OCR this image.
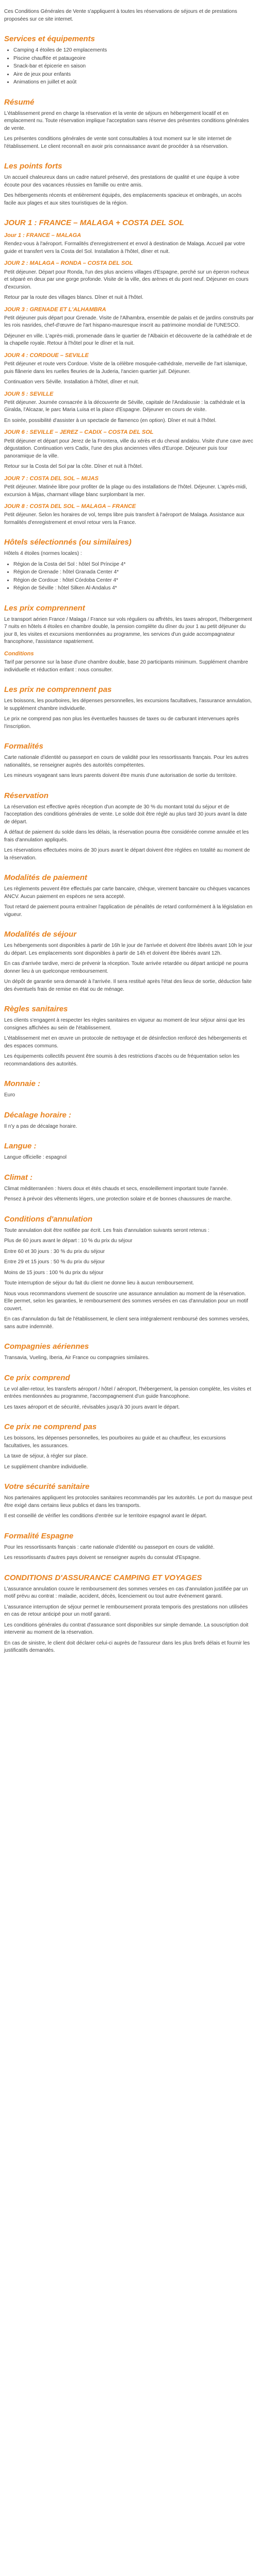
Ces Conditions Générales de Vente s'appliquent à toutes les réservations de séjours et de prestations proposées sur ce site internet.

Services et équipements
• Camping 4 étoiles de 120 emplacements
• Piscine chauffée et pataugeoire
• Snack-bar et épicerie en saison
• Aire de jeux pour enfants
• Animations en juillet et août
Résumé

L'établissement prend en charge la réservation et la vente de séjours en hébergement locatif et en emplacement nu. Toute réservation implique l'acceptation sans réserve des présentes conditions générales de vente.

Les présentes conditions générales de vente sont consultables à tout moment sur le site internet de l'établissement. Le client reconnaît en avoir pris connaissance avant de procéder à sa réservation.

Les points forts

Un accueil chaleureux dans un cadre naturel préservé, des prestations de qualité et une équipe à votre écoute pour des vacances réussies en famille ou entre amis.

Des hébergements récents et entièrement équipés, des emplacements spacieux et ombragés, un accès facile aux plages et aux sites touristiques de la région.

JOUR 1 : FRANCE – MALAGA + COSTA DEL SOL
Jour 1 : FRANCE – MALAGA

Rendez-vous à l'aéroport. Formalités d'enregistrement et envol à destination de Malaga. Accueil par votre guide et transfert vers la Costa del Sol. Installation à l'hôtel, dîner et nuit.

JOUR 2 : MALAGA – RONDA – COSTA DEL SOL

Petit déjeuner. Départ pour Ronda, l'un des plus anciens villages d'Espagne, perché sur un éperon rocheux et séparé en deux par une gorge profonde. Visite de la ville, des arènes et du pont neuf. Déjeuner en cours d'excursion.

Retour par la route des villages blancs. Dîner et nuit à l'hôtel.

JOUR 3 : GRENADE ET L'ALHAMBRA

Petit déjeuner puis départ pour Grenade. Visite de l'Alhambra, ensemble de palais et de jardins construits par les rois nasrides, chef-d'œuvre de l'art hispano-mauresque inscrit au patrimoine mondial de l'UNESCO.

Déjeuner en ville. L'après-midi, promenade dans le quartier de l'Albaicin et découverte de la cathédrale et de la chapelle royale. Retour à l'hôtel pour le dîner et la nuit.

JOUR 4 : CORDOUE – SEVILLE

Petit déjeuner et route vers Cordoue. Visite de la célèbre mosquée-cathédrale, merveille de l'art islamique, puis flânerie dans les ruelles fleuries de la Juderia, l'ancien quartier juif. Déjeuner.

Continuation vers Séville. Installation à l'hôtel, dîner et nuit.

JOUR 5 : SEVILLE

Petit déjeuner. Journée consacrée à la découverte de Séville, capitale de l'Andalousie : la cathédrale et la Giralda, l'Alcazar, le parc Maria Luisa et la place d'Espagne. Déjeuner en cours de visite.

En soirée, possibilité d'assister à un spectacle de flamenco (en option). Dîner et nuit à l'hôtel.

JOUR 6 : SEVILLE – JEREZ – CADIX – COSTA DEL SOL

Petit déjeuner et départ pour Jerez de la Frontera, ville du xérès et du cheval andalou. Visite d'une cave avec dégustation. Continuation vers Cadix, l'une des plus anciennes villes d'Europe. Déjeuner puis tour panoramique de la ville.

Retour sur la Costa del Sol par la côte. Dîner et nuit à l'hôtel.

JOUR 7 : COSTA DEL SOL – MIJAS

Petit déjeuner. Matinée libre pour profiter de la plage ou des installations de l'hôtel. Déjeuner. L'après-midi, excursion à Mijas, charmant village blanc surplombant la mer.

JOUR 8 : COSTA DEL SOL – MALAGA – FRANCE

Petit déjeuner. Selon les horaires de vol, temps libre puis transfert à l'aéroport de Malaga. Assistance aux formalités d'enregistrement et envol retour vers la France.

Hôtels sélectionnés (ou similaires)

Hôtels 4 étoiles (normes locales) :

• Région de la Costa del Sol : hôtel Sol Príncipe 4*
• Région de Grenade : hôtel Granada Center 4*
• Région de Cordoue : hôtel Córdoba Center 4*
• Région de Séville : hôtel Silken Al-Andalus 4*
Les prix comprennent

Le transport aérien France / Malaga / France sur vols réguliers ou affrétés, les taxes aéroport, l'hébergement 7 nuits en hôtels 4 étoiles en chambre double, la pension complète du dîner du jour 1 au petit déjeuner du jour 8, les visites et excursions mentionnées au programme, les services d'un guide accompagnateur francophone, l'assistance rapatriement.

Conditions

Tarif par personne sur la base d'une chambre double, base 20 participants minimum. Supplément chambre individuelle et réduction enfant : nous consulter.

Les prix ne comprennent pas

Les boissons, les pourboires, les dépenses personnelles, les excursions facultatives, l'assurance annulation, le supplément chambre individuelle.

Le prix ne comprend pas non plus les éventuelles hausses de taxes ou de carburant intervenues après l'inscription.

Formalités

Carte nationale d'identité ou passeport en cours de validité pour les ressortissants français. Pour les autres nationalités, se renseigner auprès des autorités compétentes.

Les mineurs voyageant sans leurs parents doivent être munis d'une autorisation de sortie du territoire.

Réservation

La réservation est effective après réception d'un acompte de 30 % du montant total du séjour et de l'acceptation des conditions générales de vente. Le solde doit être réglé au plus tard 30 jours avant la date de départ.

À défaut de paiement du solde dans les délais, la réservation pourra être considérée comme annulée et les frais d'annulation appliqués.

Les réservations effectuées moins de 30 jours avant le départ doivent être réglées en totalité au moment de la réservation.

Modalités de paiement

Les règlements peuvent être effectués par carte bancaire, chèque, virement bancaire ou chèques vacances ANCV. Aucun paiement en espèces ne sera accepté.

Tout retard de paiement pourra entraîner l'application de pénalités de retard conformément à la législation en vigueur.

Modalités de séjour

Les hébergements sont disponibles à partir de 16h le jour de l'arrivée et doivent être libérés avant 10h le jour du départ. Les emplacements sont disponibles à partir de 14h et doivent être libérés avant 12h.

En cas d'arrivée tardive, merci de prévenir la réception. Toute arrivée retardée ou départ anticipé ne pourra donner lieu à un quelconque remboursement.

Un dépôt de garantie sera demandé à l'arrivée. Il sera restitué après l'état des lieux de sortie, déduction faite des éventuels frais de remise en état ou de ménage.

Règles sanitaires

Les clients s'engagent à respecter les règles sanitaires en vigueur au moment de leur séjour ainsi que les consignes affichées au sein de l'établissement.

L'établissement met en œuvre un protocole de nettoyage et de désinfection renforcé des hébergements et des espaces communs.

Les équipements collectifs peuvent être soumis à des restrictions d'accès ou de fréquentation selon les recommandations des autorités.

Monnaie :

Euro

Décalage horaire :

Il n'y a pas de décalage horaire.

Langue :

Langue officielle : espagnol

Climat :

Climat méditerranéen : hivers doux et étés chauds et secs, ensoleillement important toute l'année.

Pensez à prévoir des vêtements légers, une protection solaire et de bonnes chaussures de marche.

Conditions d'annulation

Toute annulation doit être notifiée par écrit. Les frais d'annulation suivants seront retenus :

Plus de 60 jours avant le départ : 10 % du prix du séjour

Entre 60 et 30 jours : 30 % du prix du séjour

Entre 29 et 15 jours : 50 % du prix du séjour

Moins de 15 jours : 100 % du prix du séjour

Toute interruption de séjour du fait du client ne donne lieu à aucun remboursement.

Nous vous recommandons vivement de souscrire une assurance annulation au moment de la réservation. Elle permet, selon les garanties, le remboursement des sommes versées en cas d'annulation pour un motif couvert.

En cas d'annulation du fait de l'établissement, le client sera intégralement remboursé des sommes versées, sans autre indemnité.

Compagnies aériennes

Transavia, Vueling, Iberia, Air France ou compagnies similaires.

Ce prix comprend

Le vol aller-retour, les transferts aéroport / hôtel / aéroport, l'hébergement, la pension complète, les visites et entrées mentionnées au programme, l'accompagnement d'un guide francophone.

Les taxes aéroport et de sécurité, révisables jusqu'à 30 jours avant le départ.

Ce prix ne comprend pas

Les boissons, les dépenses personnelles, les pourboires au guide et au chauffeur, les excursions facultatives, les assurances.

La taxe de séjour, à régler sur place.

Le supplément chambre individuelle.

Votre sécurité sanitaire

Nos partenaires appliquent les protocoles sanitaires recommandés par les autorités. Le port du masque peut être exigé dans certains lieux publics et dans les transports.

Il est conseillé de vérifier les conditions d'entrée sur le territoire espagnol avant le départ.

Formalité Espagne

Pour les ressortissants français : carte nationale d'identité ou passeport en cours de validité.

Les ressortissants d'autres pays doivent se renseigner auprès du consulat d'Espagne.

CONDITIONS D'ASSURANCE CAMPING ET VOYAGES

L'assurance annulation couvre le remboursement des sommes versées en cas d'annulation justifiée par un motif prévu au contrat : maladie, accident, décès, licenciement ou tout autre événement garanti.

L'assurance interruption de séjour permet le remboursement prorata temporis des prestations non utilisées en cas de retour anticipé pour un motif garanti.

Les conditions générales du contrat d'assurance sont disponibles sur simple demande. La souscription doit intervenir au moment de la réservation.

En cas de sinistre, le client doit déclarer celui-ci auprès de l'assureur dans les plus brefs délais et fournir les justificatifs demandés.
